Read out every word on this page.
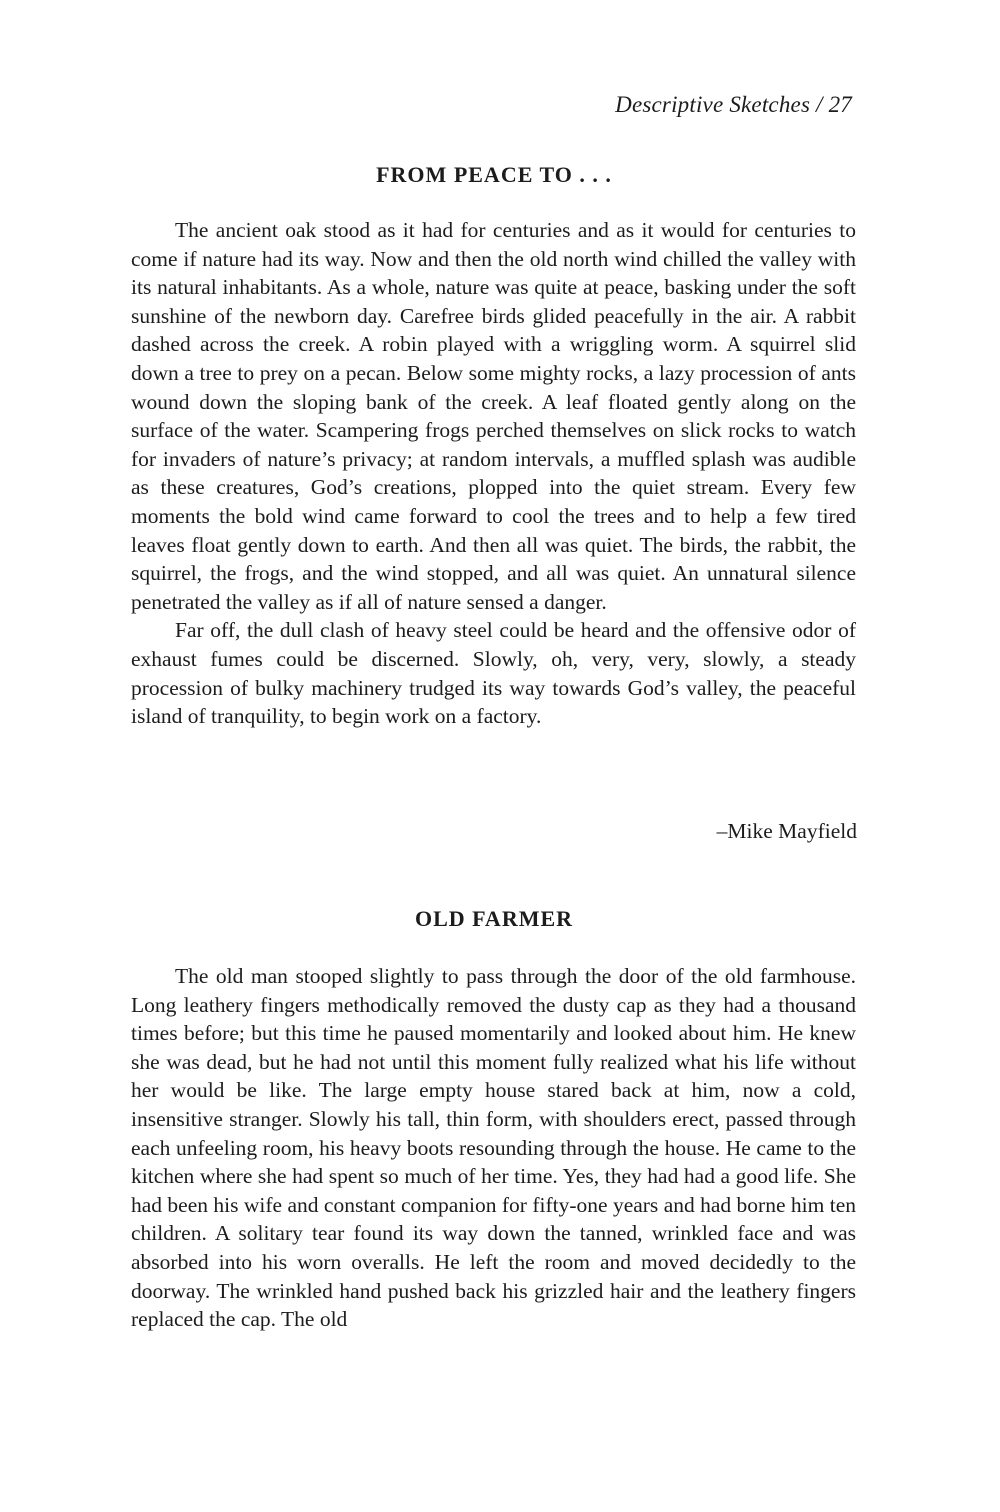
Descriptive Sketches / 27
FROM PEACE TO . . .

The ancient oak stood as it had for centuries and as it would for centuries to come if nature had its way. Now and then the old north wind chilled the valley with its natural inhabitants. As a whole, nature was quite at peace, basking under the soft sunshine of the newborn day. Carefree birds glided peacefully in the air. A rabbit dashed across the creek. A robin played with a wriggling worm. A squirrel slid down a tree to prey on a pecan. Below some mighty rocks, a lazy procession of ants wound down the sloping bank of the creek. A leaf floated gently along on the surface of the water. Scampering frogs perched themselves on slick rocks to watch for invaders of nature’s privacy; at random intervals, a muffled splash was audible as these creatures, God’s creations, plopped into the quiet stream. Every few moments the bold wind came forward to cool the trees and to help a few tired leaves float gently down to earth. And then all was quiet. The birds, the rabbit, the squirrel, the frogs, and the wind stopped, and all was quiet. An unnatural silence penetrated the valley as if all of nature sensed a danger.

Far off, the dull clash of heavy steel could be heard and the offensive odor of exhaust fumes could be discerned. Slowly, oh, very, very, slowly, a steady procession of bulky machinery trudged its way towards God’s valley, the peaceful island of tranquility, to begin work on a factory.

–Mike Mayfield
OLD FARMER

The old man stooped slightly to pass through the door of the old farmhouse. Long leathery fingers methodically removed the dusty cap as they had a thousand times before; but this time he paused momentarily and looked about him. He knew she was dead, but he had not until this moment fully realized what his life without her would be like. The large empty house stared back at him, now a cold, insensitive stranger. Slowly his tall, thin form, with shoulders erect, passed through each unfeeling room, his heavy boots resounding through the house. He came to the kitchen where she had spent so much of her time. Yes, they had had a good life. She had been his wife and constant companion for fifty-one years and had borne him ten children. A solitary tear found its way down the tanned, wrinkled face and was absorbed into his worn overalls. He left the room and moved decidedly to the doorway. The wrinkled hand pushed back his grizzled hair and the leathery fingers replaced the cap. The old
